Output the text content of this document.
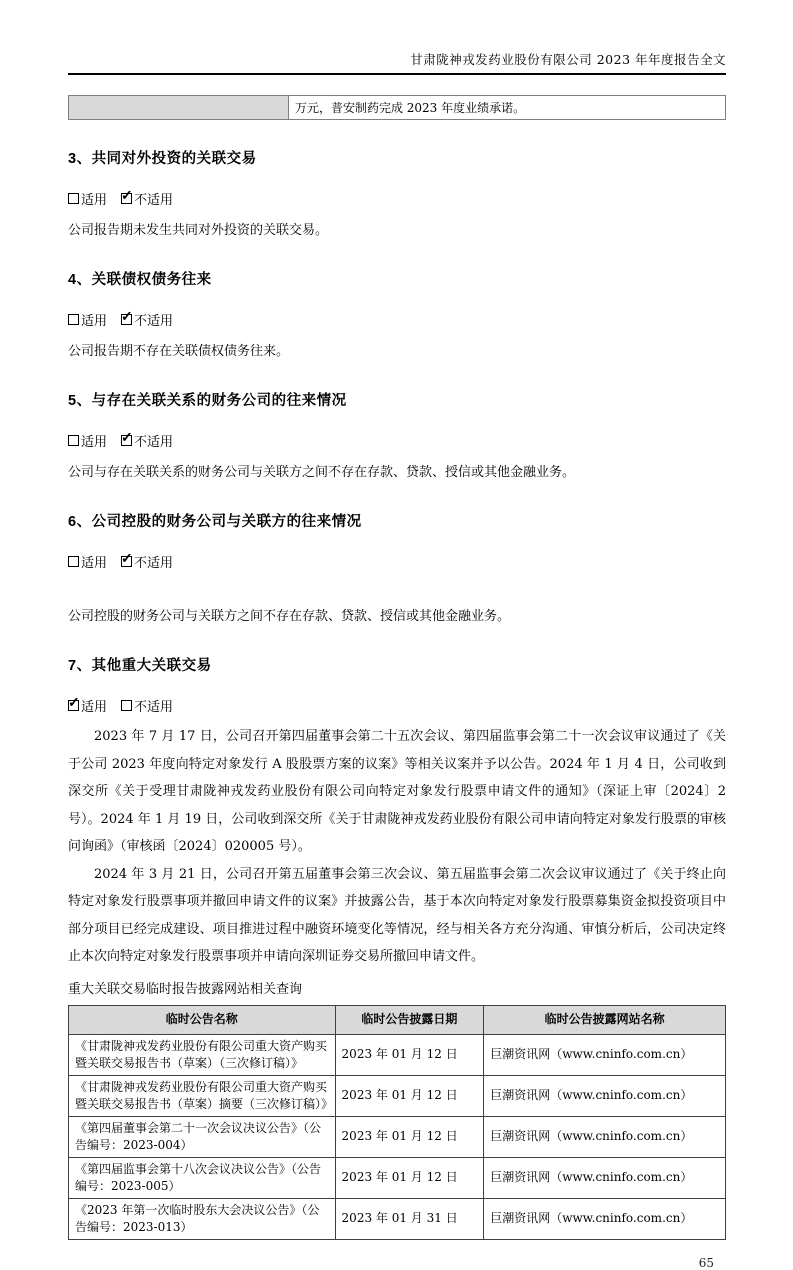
甘肃陇神戎发药业股份有限公司 2023 年年度报告全文
	万元，普安制药完成 2023 年度业绩承诺。
3、共同对外投资的关联交易
适用 ✓ 不适用

公司报告期未发生共同对外投资的关联交易。

4、关联债权债务往来
适用 ✓ 不适用

公司报告期不存在关联债权债务往来。

5、与存在关联关系的财务公司的往来情况
适用 ✓ 不适用

公司与存在关联关系的财务公司与关联方之间不存在存款、贷款、授信或其他金融业务。

6、公司控股的财务公司与关联方的往来情况
适用 ✓ 不适用

公司控股的财务公司与关联方之间不存在存款、贷款、授信或其他金融业务。

7、其他重大关联交易
✓
适用 不适用

2023 年 7 月 17 日，公司召开第四届董事会第二十五次会议、第四届监事会第二十一次会议审议通过了《关于公司 2023 年度向特定对象发行 A 股股票方案的议案》等相关议案并予以公告。2024 年 1 月 4 日，公司收到深交所《关于受理甘肃陇神戎发药业股份有限公司向特定对象发行股票申请文件的通知》（深证上审〔2024〕2 号）。2024 年 1 月 19 日，公司收到深交所《关于甘肃陇神戎发药业股份有限公司申请向特定对象发行股票的审核问询函》（审核函〔2024〕020005 号）。

2024 年 3 月 21 日，公司召开第五届董事会第三次会议、第五届监事会第二次会议审议通过了《关于终止向特定对象发行股票事项并撤回申请文件的议案》并披露公告，基于本次向特定对象发行股票募集资金拟投资项目中部分项目已经完成建设、项目推进过程中融资环境变化等情况，经与相关各方充分沟通、审慎分析后，公司决定终止本次向特定对象发行股票事项并申请向深圳证券交易所撤回申请文件。

重大关联交易临时报告披露网站相关查询
临时公告名称	临时公告披露日期	临时公告披露网站名称
《甘肃陇神戎发药业股份有限公司重大资产购买暨关联交易报告书（草案）（三次修订稿）》	2023 年 01 月 12 日	巨潮资讯网（www.cninfo.com.cn）
《甘肃陇神戎发药业股份有限公司重大资产购买暨关联交易报告书（草案）摘要（三次修订稿）》	2023 年 01 月 12 日	巨潮资讯网（www.cninfo.com.cn）
《第四届董事会第二十一次会议决议公告》（公告编号：2023-004）	2023 年 01 月 12 日	巨潮资讯网（www.cninfo.com.cn）
《第四届监事会第十八次会议决议公告》（公告编号：2023-005）	2023 年 01 月 12 日	巨潮资讯网（www.cninfo.com.cn）
《2023 年第一次临时股东大会决议公告》（公告编号：2023-013）	2023 年 01 月 31 日	巨潮资讯网（www.cninfo.com.cn）
65
